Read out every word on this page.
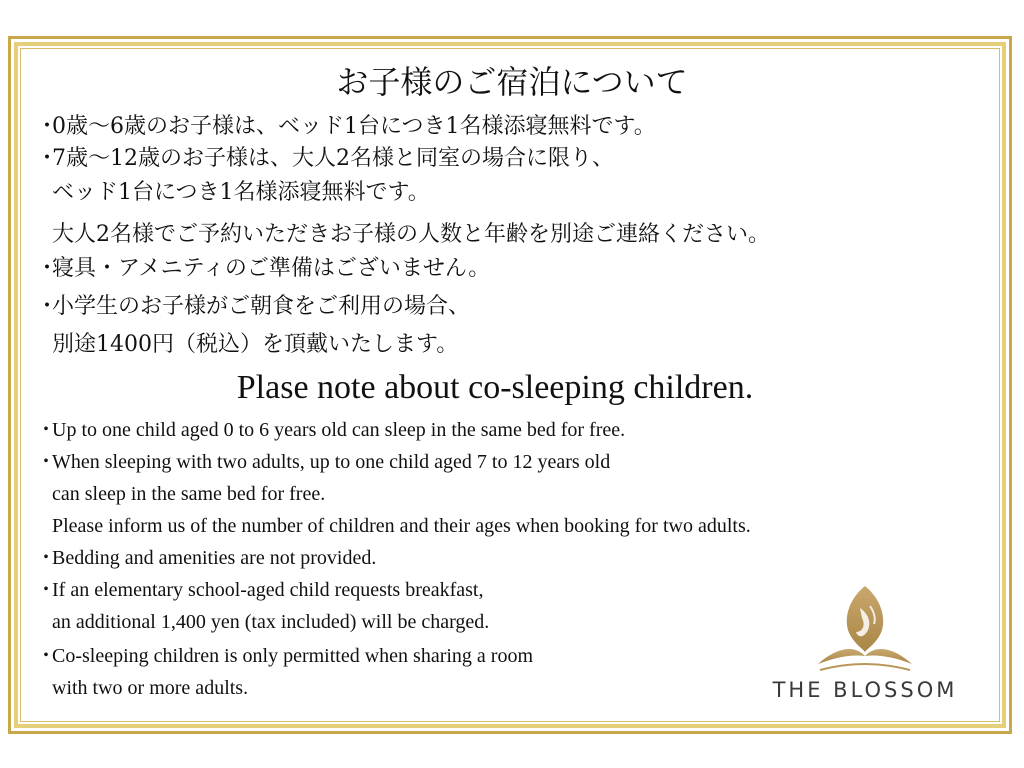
お子様のご宿泊について
・0歳〜6歳のお子様は、ベッド1台につき1名様添寝無料です。
・7歳〜12歳のお子様は、大人2名様と同室の場合に限り、
ベッド1台につき1名様添寝無料です。
大人2名様でご予約いただきお子様の人数と年齢を別途ご連絡ください。
・寝具・アメニティのご準備はございません。
・小学生のお子様がご朝食をご利用の場合、
別途1400円（税込）を頂戴いたします。
Plase note about co-sleeping children.
・Up to one child aged 0 to 6 years old can sleep in the same bed for free.
・When sleeping with two adults, up to one child aged 7 to 12 years old
can sleep in the same bed for free.
Please inform us of the number of children and their ages when booking for two adults.
・Bedding and amenities are not provided.
・If an elementary school-aged child requests breakfast,
an additional 1,400 yen (tax included) will be charged.
・Co-sleeping children is only permitted when sharing a room
with two or more adults.	THE BLOSSOM
